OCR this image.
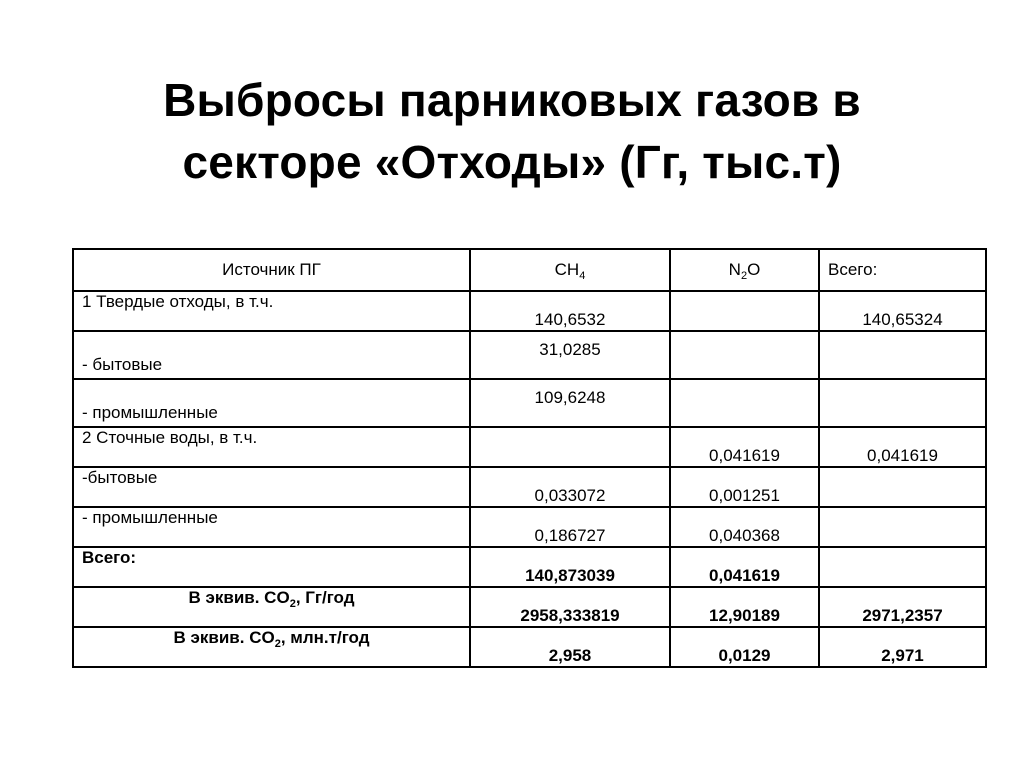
Выбросы парниковых газов в
секторе «Отходы» (Гг, тыс.т)
Источник ПГ	$CH_4$	$N_2O$	Всего:
1 Твердые отходы, в т.ч.	140,6532		140,65324
- бытовые	31,0285		
- промышленные	109,6248		
2 Сточные воды, в т.ч.		0,041619	0,041619
-бытовые	0,033072	0,001251	
- промышленные	0,186727	0,040368	
Всего:	140,873039	0,041619	
В эквив. $CO_2$, Гг/год	2958,333819	12,90189	2971,2357
В эквив. $CO_2$, млн.т/год	2,958	0,0129	2,971
